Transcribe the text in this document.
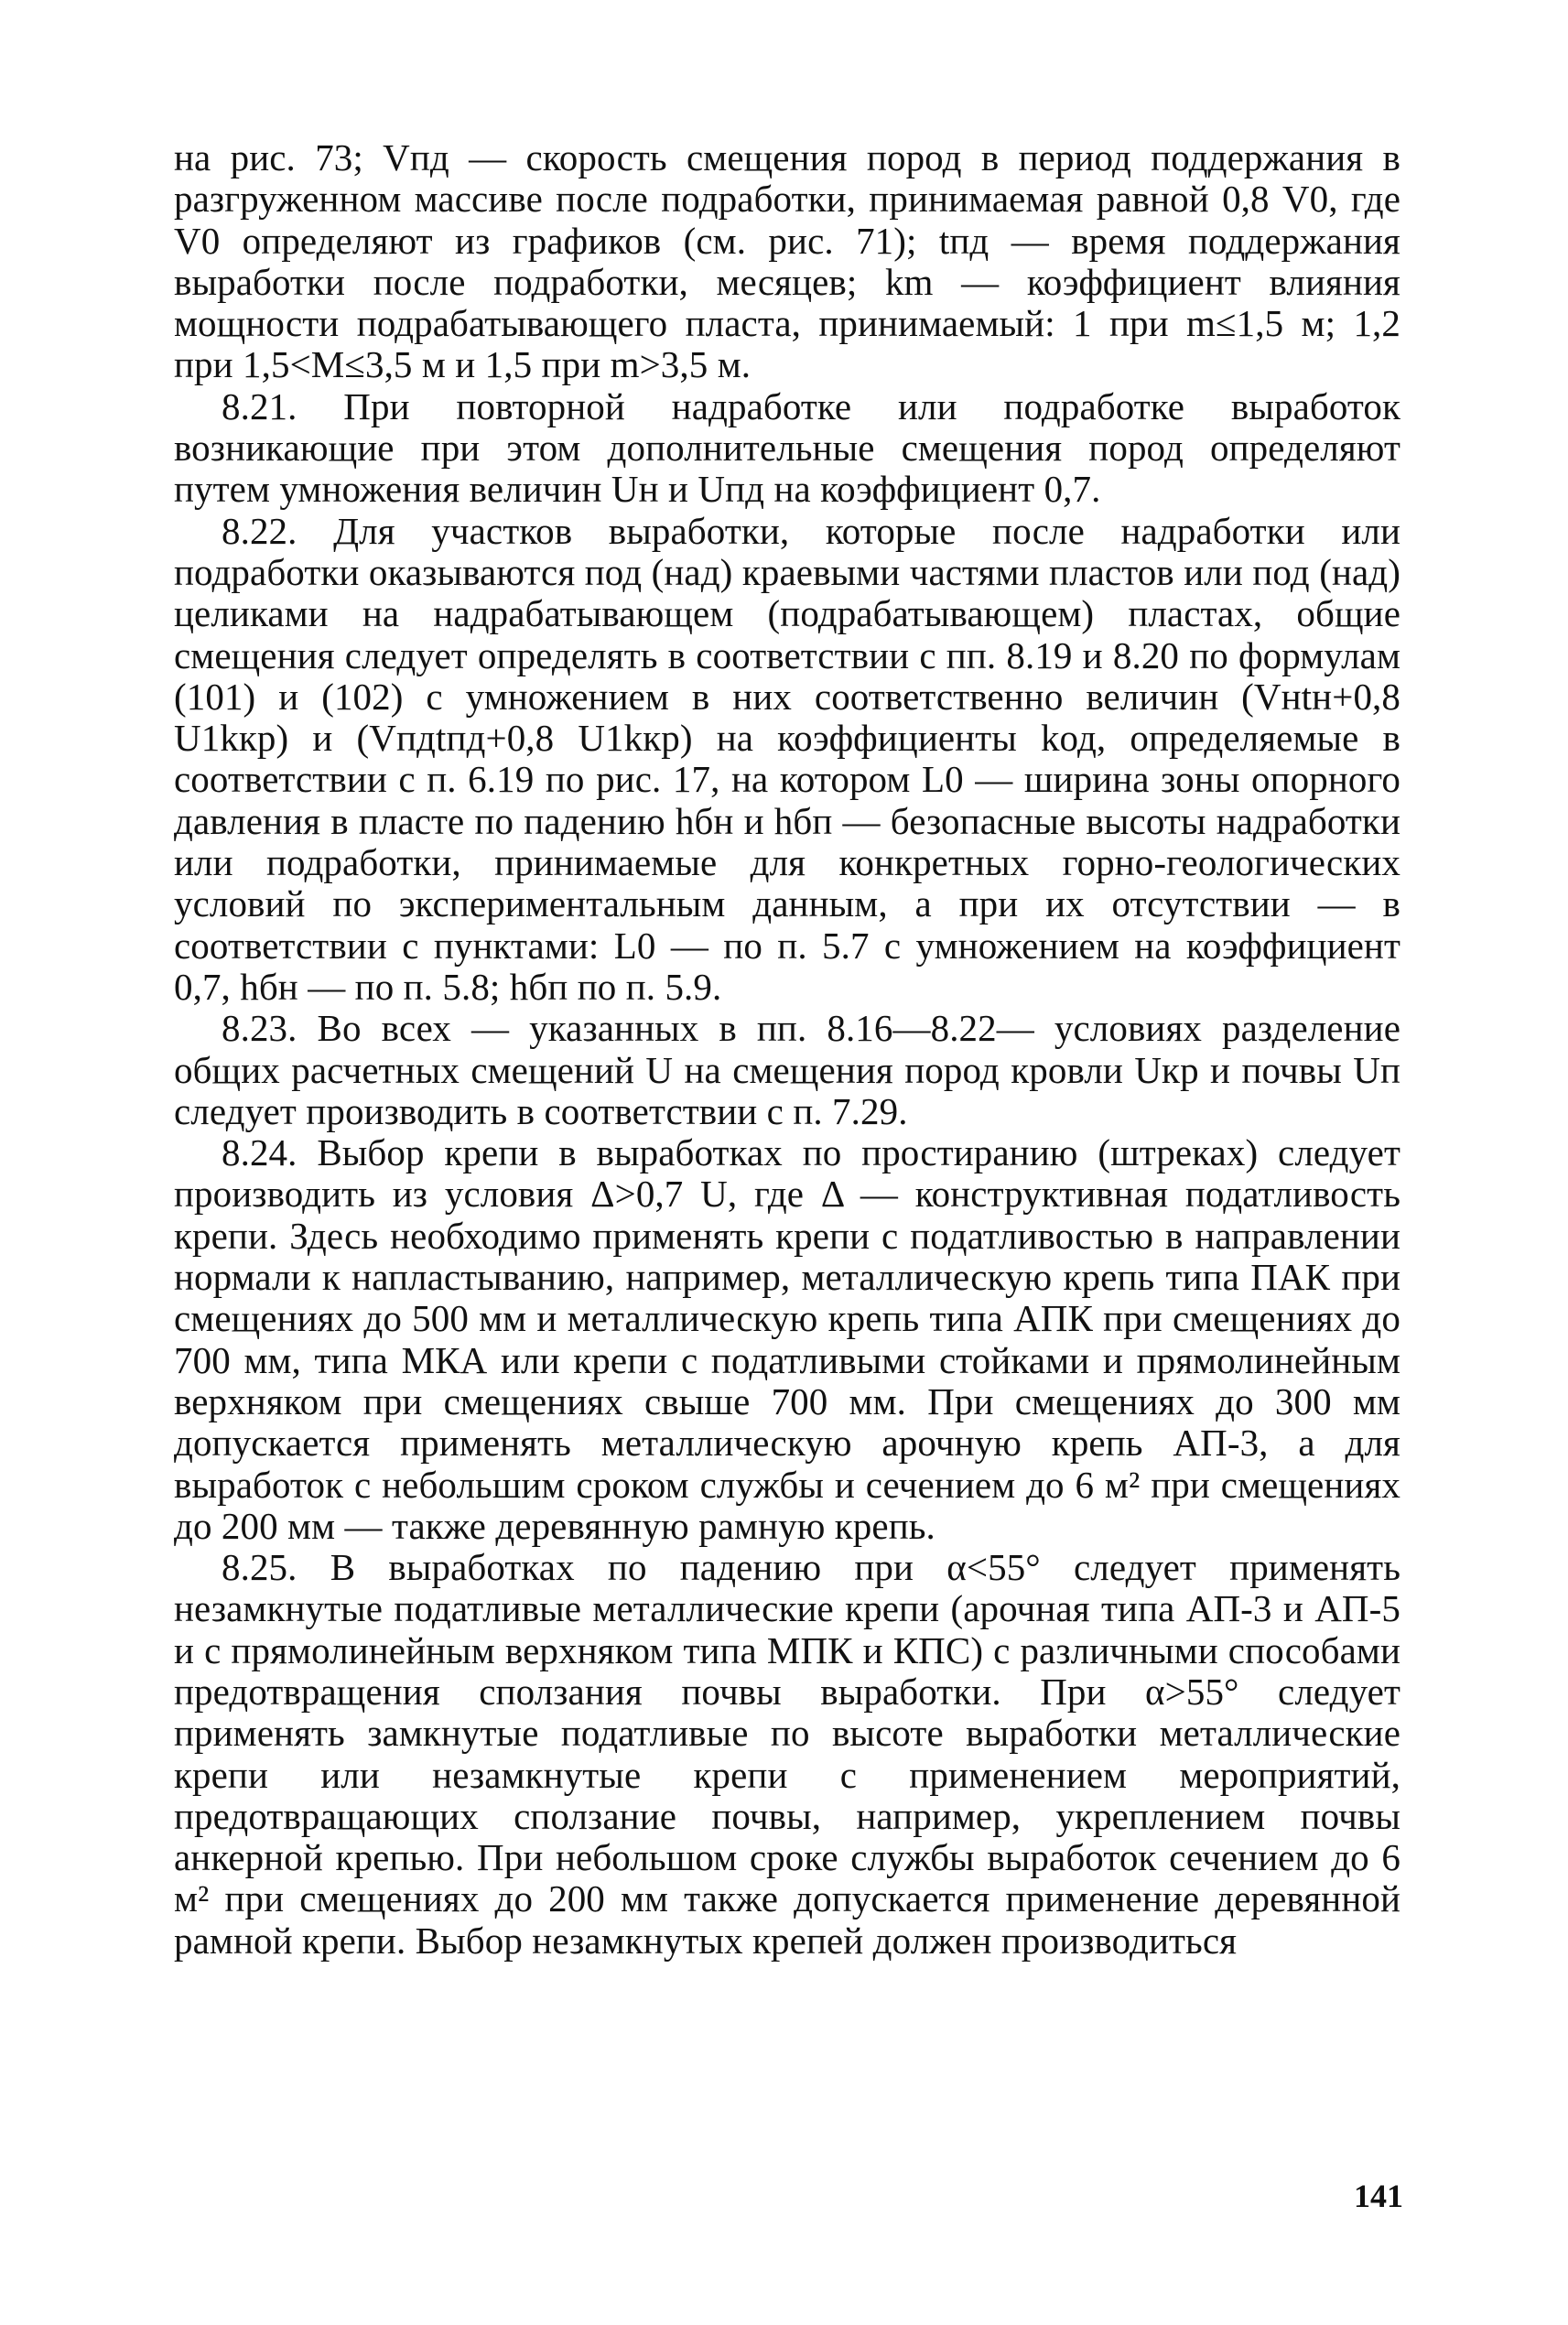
на рис. 73; Vпд — скорость смещения пород в период поддержания в разгруженном массиве после подработки, принимаемая равной 0,8 V0, где V0 определяют из графиков (см. рис. 71); tпд — время поддержания выработки после подработки, месяцев; km — коэффициент влияния мощности подрабатывающего пласта, принимаемый: 1 при m≤1,5 м; 1,2 при 1,5<M≤3,5 м и 1,5 при m>3,5 м.

8.21. При повторной надработке или подработке выработок возникающие при этом дополнительные смещения пород определяют путем умножения величин Uн и Uпд на коэффициент 0,7.

8.22. Для участков выработки, которые после надработки или подработки оказываются под (над) краевыми частями пластов или под (над) целиками на надрабатывающем (подрабатывающем) пластах, общие смещения следует определять в соответствии с пп. 8.19 и 8.20 по формулам (101) и (102) с умножением в них соответственно величин (Vнtн+0,8 U1kкр) и (Vпдtпд+0,8 U1kкр) на коэффициенты kод, определяемые в соответствии с п. 6.19 по рис. 17, на котором L0 — ширина зоны опорного давления в пласте по падению hбн и hбп — безопасные высоты надработки или подработки, принимаемые для конкретных горно-геологических условий по экспериментальным данным, а при их отсутствии — в соответствии с пунктами: L0 — по п. 5.7 с умножением на коэффициент 0,7, hбн — по п. 5.8; hбп по п. 5.9.

8.23. Во всех — указанных в пп. 8.16—8.22— условиях разделение общих расчетных смещений U на смещения пород кровли Uкр и почвы Uп следует производить в соответствии с п. 7.29.

8.24. Выбор крепи в выработках по простиранию (штреках) следует производить из условия Δ>0,7 U, где Δ — конструктивная податливость крепи. Здесь необходимо применять крепи с податливостью в направлении нормали к напластыванию, например, металлическую крепь типа ПАК при смещениях до 500 мм и металлическую крепь типа АПК при смещениях до 700 мм, типа МКА или крепи с податливыми стойками и прямолинейным верхняком при смещениях свыше 700 мм. При смещениях до 300 мм допускается применять металлическую арочную крепь АП-3, а для выработок с небольшим сроком службы и сечением до 6 м² при смещениях до 200 мм — также деревянную рамную крепь.

8.25. В выработках по падению при α<55° следует применять незамкнутые податливые металлические крепи (арочная типа АП-3 и АП-5 и с прямолинейным верхняком типа МПК и КПС) с различными способами предотвращения сползания почвы выработки. При α>55° следует применять замкнутые податливые по высоте выработки металлические крепи или незамкнутые крепи с применением мероприятий, предотвращающих сползание почвы, например, укреплением почвы анкерной крепью. При небольшом сроке службы выработок сечением до 6 м² при смещениях до 200 мм также допускается применение деревянной рамной крепи. Выбор незамкнутых крепей должен производиться

141
